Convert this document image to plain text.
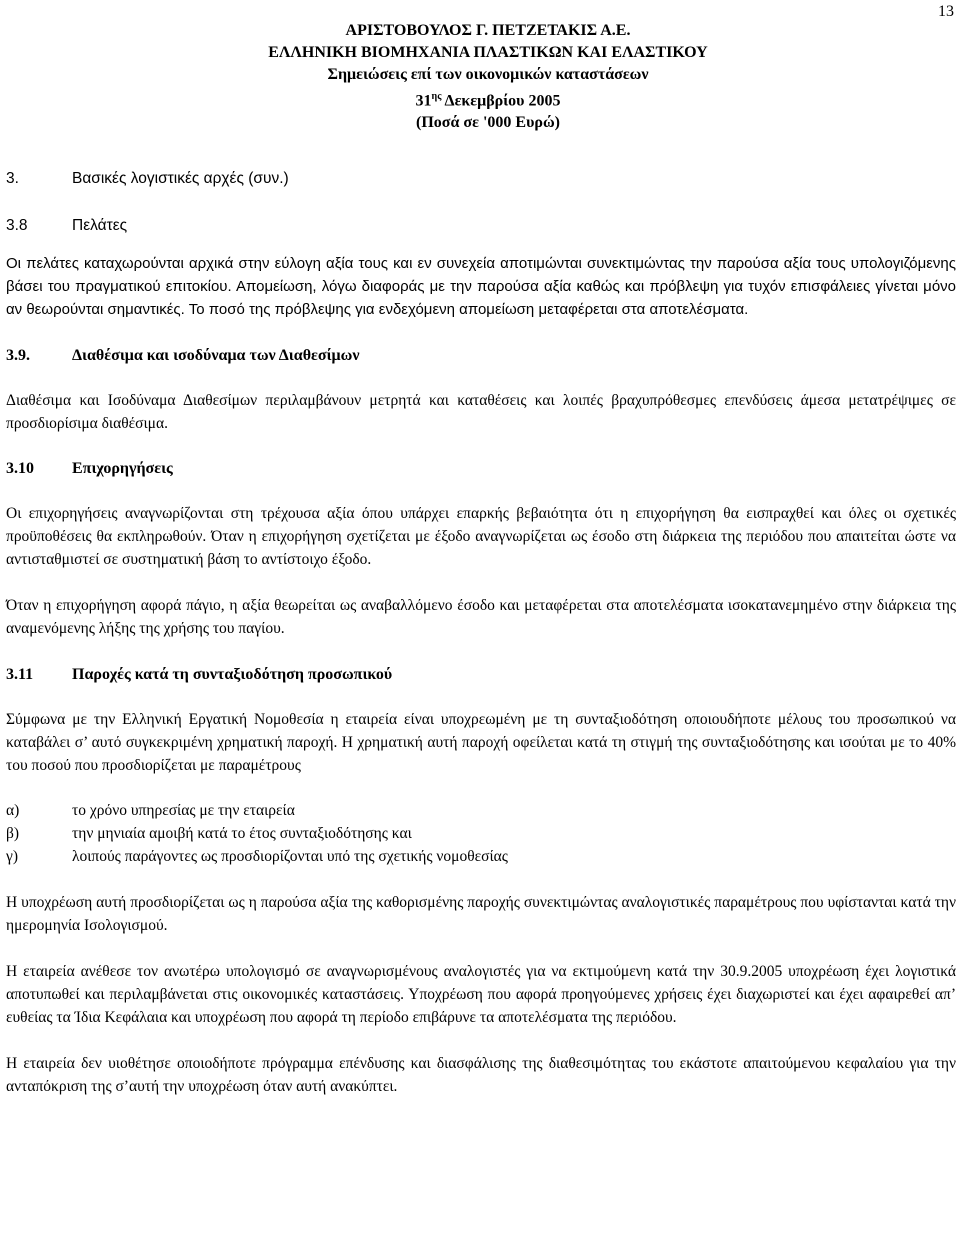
13
ΑΡΙΣΤΟΒΟΥΛΟΣ Γ. ΠΕΤΖΕΤΑΚΙΣ Α.Ε.
ΕΛΛΗΝΙΚΗ ΒΙΟΜΗΧΑΝΙΑ ΠΛΑΣΤΙΚΩΝ ΚΑΙ ΕΛΑΣΤΙΚΟΥ
Σημειώσεις επί των οικονομικών καταστάσεων
$31^{\eta\varsigma}$ Δεκεμβρίου 2005
(Ποσά σε '000 Ευρώ)

3.	Βασικές λογιστικές αρχές (συν.)

3.8	Πελάτες

Οι πελάτες καταχωρούνται αρχικά στην εύλογη αξία τους και εν συνεχεία αποτιμώνται συνεκτιμώντας την παρούσα αξία τους υπολογιζόμενης βάσει του πραγματικού επιτοκίου. Απομείωση, λόγω διαφοράς με την παρούσα αξία καθώς και πρόβλεψη για τυχόν επισφάλειες γίνεται μόνο αν θεωρούνται σημαντικές. Το ποσό της πρόβλεψης για ενδεχόμενη απομείωση μεταφέρεται στα αποτελέσματα.

3.9.	Διαθέσιμα και ισοδύναμα των Διαθεσίμων

Διαθέσιμα και Ισοδύναμα Διαθεσίμων περιλαμβάνουν μετρητά και καταθέσεις και λοιπές βραχυπρόθεσμες επενδύσεις άμεσα μετατρέψιμες σε προσδιορίσιμα διαθέσιμα.

3.10 Επιχορηγήσεις

Οι επιχορηγήσεις αναγνωρίζονται στη τρέχουσα αξία όπου υπάρχει επαρκής βεβαιότητα ότι η επιχορήγηση θα εισπραχθεί και όλες οι σχετικές προϋποθέσεις θα εκπληρωθούν. Όταν η επιχορήγηση σχετίζεται με έξοδο αναγνωρίζεται ως έσοδο στη διάρκεια της περιόδου που απαιτείται ώστε να αντισταθμιστεί σε συστηματική βάση το αντίστοιχο έξοδο.

Όταν η επιχορήγηση αφορά πάγιο, η αξία θεωρείται ως αναβαλλόμενο έσοδο και μεταφέρεται στα αποτελέσματα ισοκατανεμημένο στην διάρκεια της αναμενόμενης λήξης της χρήσης του παγίου.

3.11 Παροχές κατά τη συνταξιοδότηση προσωπικού

Σύμφωνα με την Ελληνική Εργατική Νομοθεσία η εταιρεία είναι υποχρεωμένη με τη συνταξιοδότηση οποιουδήποτε μέλους του προσωπικού να καταβάλει σ’ αυτό συγκεκριμένη χρηματική παροχή. Η χρηματική αυτή παροχή οφείλεται κατά τη στιγμή της συνταξιοδότησης και ισούται με το 40% του ποσού που προσδιορίζεται με παραμέτρους

α)	το χρόνο υπηρεσίας με την εταιρεία

β)	την μηνιαία αμοιβή κατά το έτος συνταξιοδότησης και

γ)	λοιπούς παράγοντες ως προσδιορίζονται υπό της σχετικής νομοθεσίας

Η υποχρέωση αυτή προσδιορίζεται ως η παρούσα αξία της καθορισμένης παροχής συνεκτιμώντας αναλογιστικές παραμέτρους που υφίστανται κατά την ημερομηνία Ισολογισμού.

Η εταιρεία ανέθεσε τον ανωτέρω υπολογισμό σε αναγνωρισμένους αναλογιστές για να εκτιμούμενη κατά την 30.9.2005 υποχρέωση έχει λογιστικά αποτυπωθεί και περιλαμβάνεται στις οικονομικές καταστάσεις. Υποχρέωση που αφορά προηγούμενες χρήσεις έχει διαχωριστεί και έχει αφαιρεθεί απ’ ευθείας τα Ίδια Κεφάλαια και υποχρέωση που αφορά τη περίοδο επιβάρυνε τα αποτελέσματα της περιόδου.

Η εταιρεία δεν υιοθέτησε οποιοδήποτε πρόγραμμα επένδυσης και διασφάλισης της διαθεσιμότητας του εκάστοτε απαιτούμενου κεφαλαίου για την ανταπόκριση της σ’αυτή την υποχρέωση όταν αυτή ανακύπτει.
